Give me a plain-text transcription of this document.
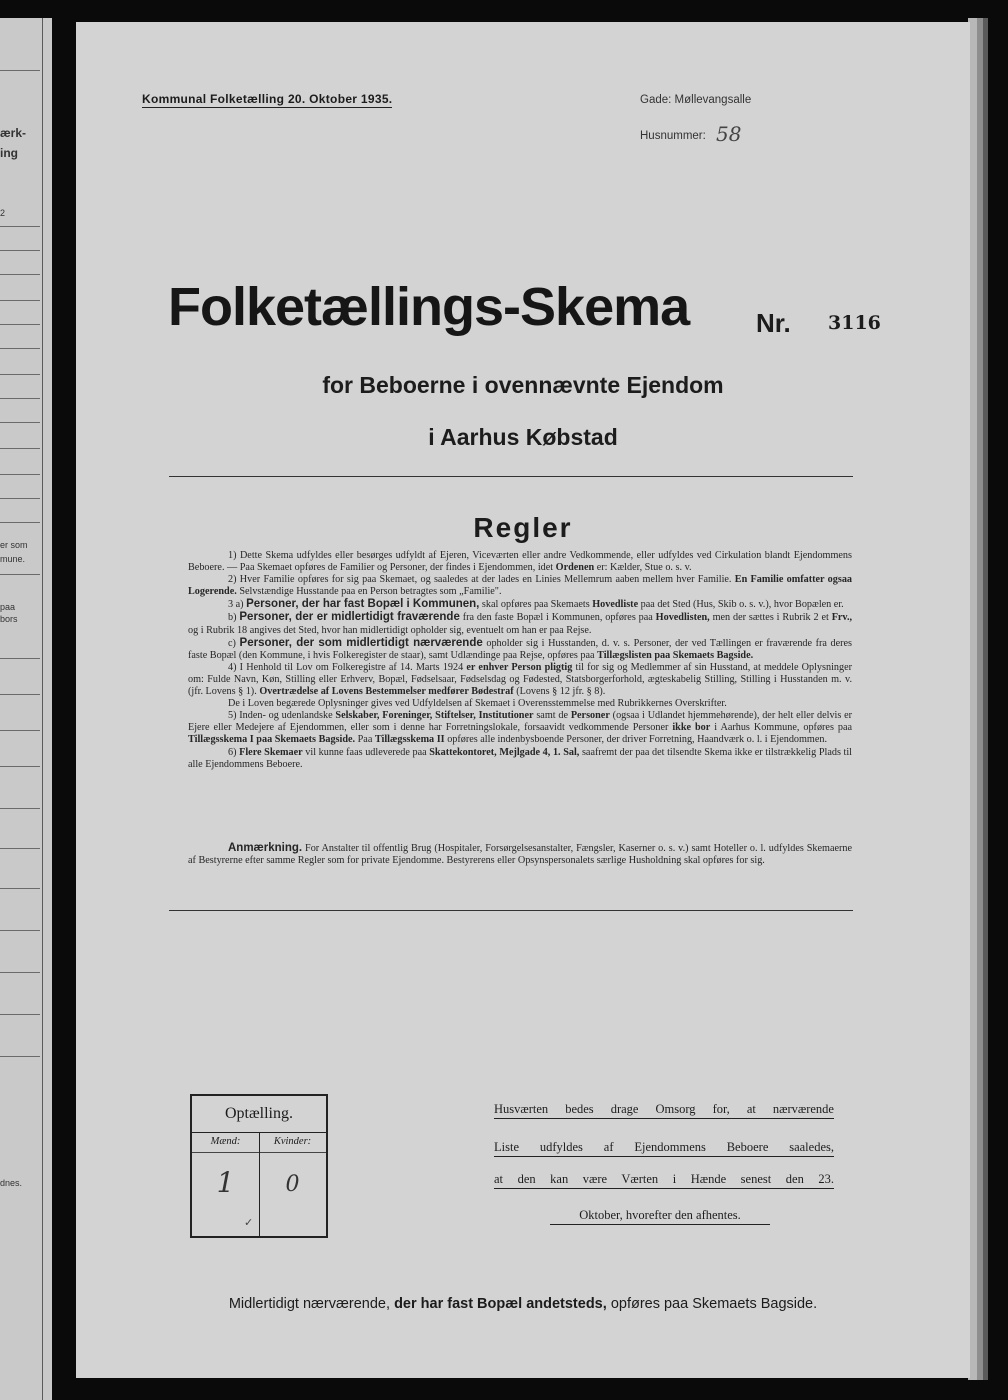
ærk-
ing
2
er som
mune.
paa
bors
dnes.
Kommunal Folketælling 20. Oktober 1935.	Gade: Møllevangsalle
Husnummer: 58
Folketællings-Skema	Nr. 3116
for Beboerne i ovennævnte Ejendom
i Aarhus Købstad
Regler

1) Dette Skema udfyldes eller besørges udfyldt af Ejeren, Viceværten eller andre Vedkommende, eller udfyldes ved Cirkulation blandt Ejendommens Beboere. — Paa Skemaet opføres de Familier og Personer, der findes i Ejendommen, idet Ordenen er: Kælder, Stue o. s. v.

2) Hver Familie opføres for sig paa Skemaet, og saaledes at der lades en Linies Mellemrum aaben mellem hver Familie. En Familie omfatter ogsaa Logerende. Selvstændige Husstande paa en Person betragtes som „Familie".

3 a) Personer, der har fast Bopæl i Kommunen, skal opføres paa Skemaets Hovedliste paa det Sted (Hus, Skib o. s. v.), hvor Bopælen er.

b) Personer, der er midlertidigt fraværende fra den faste Bopæl i Kommunen, opføres paa Hovedlisten, men der sættes i Rubrik 2 et Frv., og i Rubrik 18 angives det Sted, hvor han midlertidigt opholder sig, eventuelt om han er paa Rejse.

c) Personer, der som midlertidigt nærværende opholder sig i Husstanden, d. v. s. Personer, der ved Tællingen er fraværende fra deres faste Bopæl (den Kommune, i hvis Folkeregister de staar), samt Udlændinge paa Rejse, opføres paa Tillægslisten paa Skemaets Bagside.

4) I Henhold til Lov om Folkeregistre af 14. Marts 1924 er enhver Person pligtig til for sig og Medlemmer af sin Husstand, at meddele Oplysninger om: Fulde Navn, Køn, Stilling eller Erhverv, Bopæl, Fødselsaar, Fødselsdag og Fødested, Statsborgerforhold, ægteskabelig Stilling, Stilling i Husstanden m. v. (jfr. Lovens § 1). Overtrædelse af Lovens Bestemmelser medfører Bødestraf (Lovens § 12 jfr. § 8).

De i Loven begærede Oplysninger gives ved Udfyldelsen af Skemaet i Overensstemmelse med Rubrikkernes Overskrifter.

5) Inden- og udenlandske Selskaber, Foreninger, Stiftelser, Institutioner samt de Personer (ogsaa i Udlandet hjemmehørende), der helt eller delvis er Ejere eller Medejere af Ejendommen, eller som i denne har Forretningslokale, forsaavidt vedkommende Personer ikke bor i Aarhus Kommune, opføres paa Tillægsskema I paa Skemaets Bagside. Paa Tillægsskema II opføres alle indenbysboende Personer, der driver Forretning, Haandværk o. l. i Ejendommen.

6) Flere Skemaer vil kunne faas udleverede paa Skattekontoret, Mejlgade 4, 1. Sal, saafremt der paa det tilsendte Skema ikke er tilstrækkelig Plads til alle Ejendommens Beboere.

Anmærkning. For Anstalter til offentlig Brug (Hospitaler, Forsørgelsesanstalter, Fængsler, Kaserner o. s. v.) samt Hoteller o. l. udfyldes Skemaerne af Bestyrerne efter samme Regler som for private Ejendomme. Bestyrerens eller Opsynspersonalets særlige Husholdning skal opføres for sig.

Optælling.
Mænd:	Kvinder:
1	0
✓
Husværten bedes drage Omsorg for, at nærværende
Liste udfyldes af Ejendommens Beboere saaledes,
at den kan være Værten i Hænde senest den 23.
Oktober, hvorefter den afhentes.
Midlertidigt nærværende, der har fast Bopæl andetsteds, opføres paa Skemaets Bagside.
